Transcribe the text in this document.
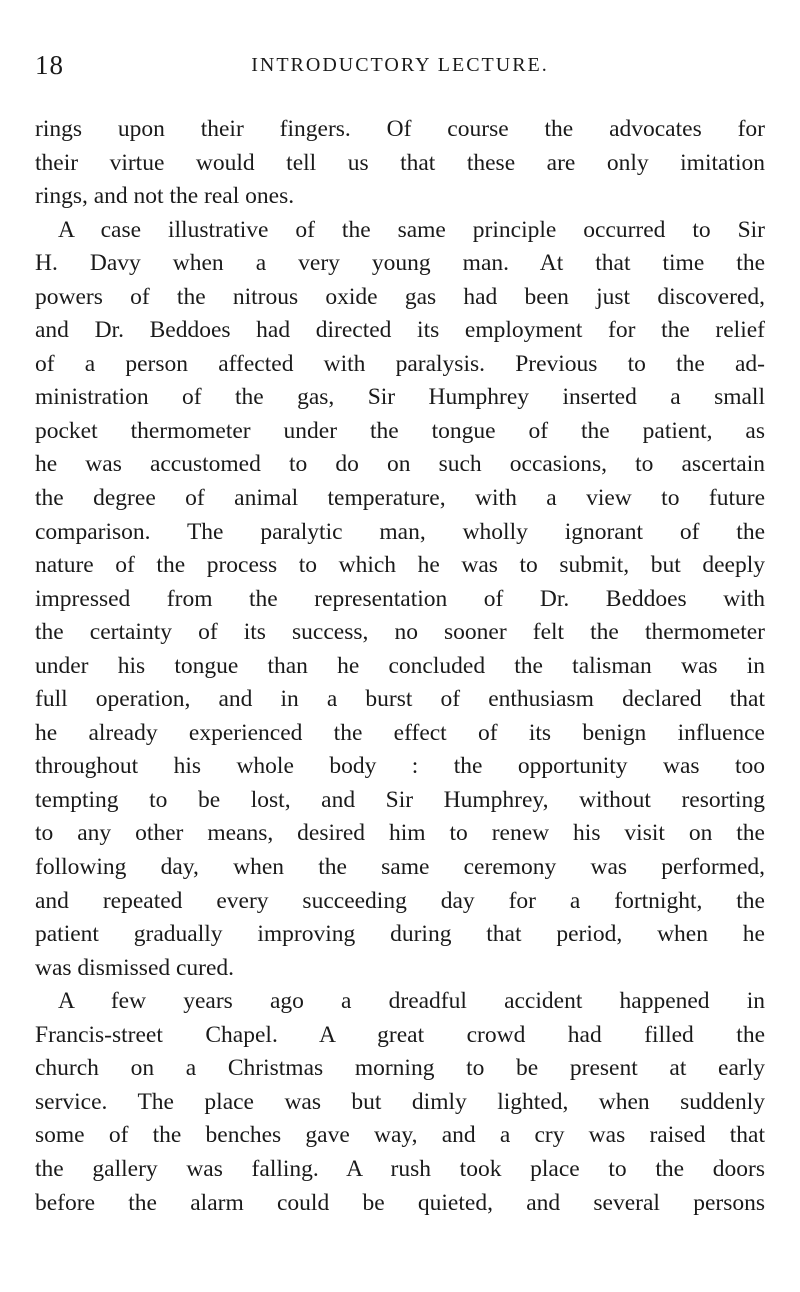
18	INTRODUCTORY LECTURE.
rings upon their fingers. Of course the advocates for
their virtue would tell us that these are only imitation
rings, and not the real ones.
A case illustrative of the same principle occurred to Sir
H. Davy when a very young man. At that time the
powers of the nitrous oxide gas had been just discovered,
and Dr. Beddoes had directed its employment for the relief
of a person affected with paralysis. Previous to the ad-
ministration of the gas, Sir Humphrey inserted a small
pocket thermometer under the tongue of the patient, as
he was accustomed to do on such occasions, to ascertain
the degree of animal temperature, with a view to future
comparison. The paralytic man, wholly ignorant of the
nature of the process to which he was to submit, but deeply
impressed from the representation of Dr. Beddoes with
the certainty of its success, no sooner felt the thermometer
under his tongue than he concluded the talisman was in
full operation, and in a burst of enthusiasm declared that
he already experienced the effect of its benign influence
throughout his whole body : the opportunity was too
tempting to be lost, and Sir Humphrey, without resorting
to any other means, desired him to renew his visit on the
following day, when the same ceremony was performed,
and repeated every succeeding day for a fortnight, the
patient gradually improving during that period, when he
was dismissed cured.
A few years ago a dreadful accident happened in
Francis-street Chapel. A great crowd had filled the
church on a Christmas morning to be present at early
service. The place was but dimly lighted, when suddenly
some of the benches gave way, and a cry was raised that
the gallery was falling. A rush took place to the doors
before the alarm could be quieted, and several persons
